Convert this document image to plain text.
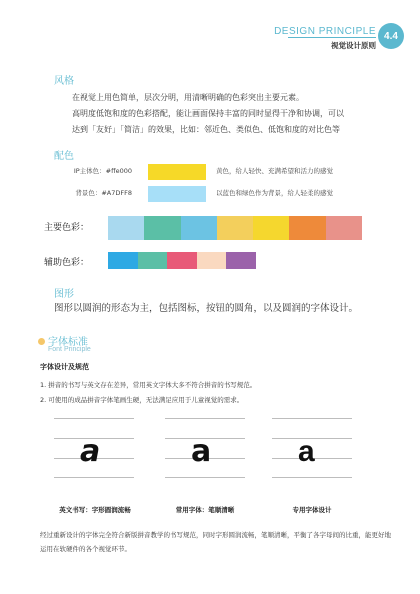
DESIGN PRINCIPLE
视觉设计原则
4.4
风格
在视觉上用色简单，层次分明，用清晰明确的色彩突出主要元素。
高明度低饱和度的色彩搭配，能让画面保持丰富的同时显得干净和协调，可以
达到「友好」「简洁」的效果，比如：邻近色、类似色、低饱和度的对比色等
配色
IP主体色：#ffe000	黄色，给人轻快、充满希望和活力的感觉
背景色：#A7DFF8	以蓝色和绿色作为背景，给人轻柔的感觉
主要色彩：
辅助色彩：
图形
图形以圆润的形态为主，包括图标，按钮的圆角，以及圆润的字体设计。
字体标准
Font Principle
字体设计及规范
1. 拼音的书写与英文存在差异，常用英文字体大多不符合拼音的书写规范。
2. 可使用的成品拼音字体笔画生硬，无法满足应用于儿童视觉的需求。
a	a	a
英文书写：字形圆润流畅	常用字体：笔顺清晰	专用字体设计
经过重新设计的字体完全符合新版拼音教学的书写规范，同时字形圆润流畅，笔顺清晰，平衡了各字母间的比重，能更好地运用在软硬件的各个视觉环节。
